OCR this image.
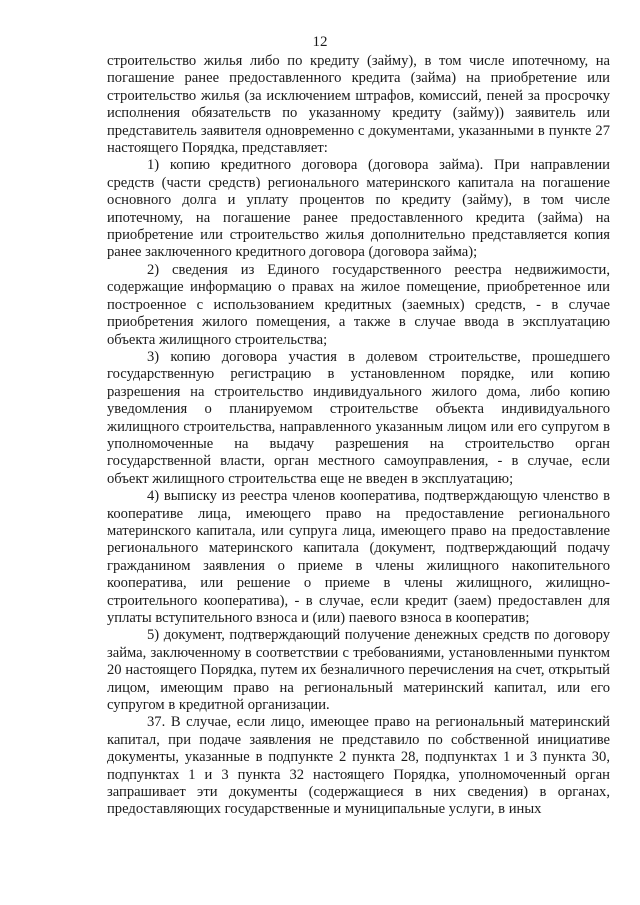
12

строительство жилья либо по кредиту (займу), в том числе ипотечному, на погашение ранее предоставленного кредита (займа) на приобретение или строительство жилья (за исключением штрафов, комиссий, пеней за просрочку исполнения обязательств по указанному кредиту (займу)) заявитель или представитель заявителя одновременно с документами, указанными в пункте 27 настоящего Порядка, представляет:

1) копию кредитного договора (договора займа). При направлении средств (части средств) регионального материнского капитала на погашение основного долга и уплату процентов по кредиту (займу), в том числе ипотечному, на погашение ранее предоставленного кредита (займа) на приобретение или строительство жилья дополнительно представляется копия ранее заключенного кредитного договора (договора займа);

2) сведения из Единого государственного реестра недвижимости, содержащие информацию о правах на жилое помещение, приобретенное или построенное с использованием кредитных (заемных) средств, - в случае приобретения жилого помещения, а также в случае ввода в эксплуатацию объекта жилищного строительства;

3) копию договора участия в долевом строительстве, прошедшего государственную регистрацию в установленном порядке, или копию разрешения на строительство индивидуального жилого дома, либо копию уведомления о планируемом строительстве объекта индивидуального жилищного строительства, направленного указанным лицом или его супругом в уполномоченные на выдачу разрешения на строительство орган государственной власти, орган местного самоуправления, - в случае, если объект жилищного строительства еще не введен в эксплуатацию;

4) выписку из реестра членов кооператива, подтверждающую членство в кооперативе лица, имеющего право на предоставление регионального материнского капитала, или супруга лица, имеющего право на предоставление регионального материнского капитала (документ, подтверждающий подачу гражданином заявления о приеме в члены жилищного накопительного кооператива, или решение о приеме в члены жилищного, жилищно-строительного кооператива), - в случае, если кредит (заем) предоставлен для уплаты вступительного взноса и (или) паевого взноса в кооператив;

5) документ, подтверждающий получение денежных средств по договору займа, заключенному в соответствии с требованиями, установленными пунктом 20 настоящего Порядка, путем их безналичного перечисления на счет, открытый лицом, имеющим право на региональный материнский капитал, или его супругом в кредитной организации.

37. В случае, если лицо, имеющее право на региональный материнский капитал, при подаче заявления не представило по собственной инициативе документы, указанные в подпункте 2 пункта 28, подпунктах 1 и 3 пункта 30, подпунктах 1 и 3 пункта 32 настоящего Порядка, уполномоченный орган запрашивает эти документы (содержащиеся в них сведения) в органах, предоставляющих государственные и муниципальные услуги, в иных
